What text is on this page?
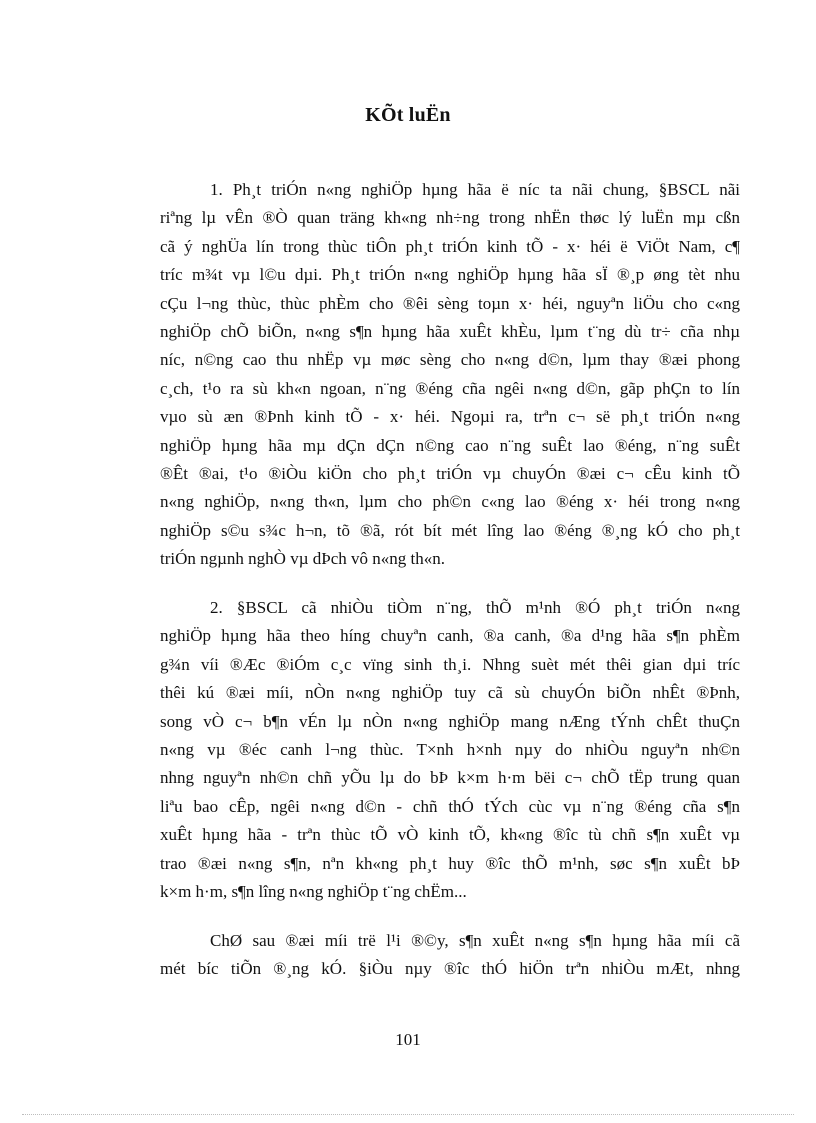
KÕt luËn
1. Ph¸t triÓn n«ng nghiÖp hµng hãa ë níc ta nãi chung, §BSCL nãi
riªng lµ vÊn ®Ò quan träng kh«ng nh÷ng trong nhËn thøc lý luËn mµ cßn
cã ý nghÜa lín trong thùc tiÔn ph¸t triÓn kinh tÕ - x· héi ë ViÖt Nam, c¶
tríc m¾t vµ l©u dµi. Ph¸t triÓn n«ng nghiÖp hµng hãa sÏ ®¸p øng tèt nhu
cÇu l¬ng thùc, thùc phÈm cho ®êi sèng toµn x· héi, nguyªn liÖu cho c«ng
nghiÖp chÕ biÕn, n«ng s¶n hµng hãa xuÊt khÈu, lµm t¨ng dù tr÷ cña nhµ
níc, n©ng cao thu nhËp vµ møc sèng cho n«ng d©n, lµm thay ®æi phong
c¸ch, t¹o ra sù kh«n ngoan, n¨ng ®éng cña ngêi n«ng d©n, gãp phÇn to lín
vµo sù æn ®Þnh kinh tÕ - x· héi. Ngoµi ra, trªn c¬ së ph¸t triÓn n«ng
nghiÖp hµng hãa mµ dÇn dÇn n©ng cao n¨ng suÊt lao ®éng, n¨ng suÊt
®Êt ®ai, t¹o ®iÒu kiÖn cho ph¸t triÓn vµ chuyÓn ®æi c¬ cÊu kinh tÕ
n«ng nghiÖp, n«ng th«n, lµm cho ph©n c«ng lao ®éng x· héi trong n«ng
nghiÖp s©u s¾c h¬n, tõ ®ã, rót bít mét lîng lao ®éng ®¸ng kÓ cho ph¸t
triÓn ngµnh nghÒ vµ dÞch vô n«ng th«n.
2. §BSCL cã nhiÒu tiÒm n¨ng, thÕ m¹nh ®Ó ph¸t triÓn n«ng
nghiÖp hµng hãa theo híng chuyªn canh, ®a canh, ®a d¹ng hãa s¶n phÈm
g¾n víi ®Æc ®iÓm c¸c vïng sinh th¸i. Nhng suèt mét thêi gian dµi tríc
thêi kú ®æi míi, nÒn n«ng nghiÖp tuy cã sù chuyÓn biÕn nhÊt ®Þnh,
song vÒ c¬ b¶n vÉn lµ nÒn n«ng nghiÖp mang nÆng tÝnh chÊt thuÇn
n«ng vµ ®éc canh l¬ng thùc. T×nh h×nh nµy do nhiÒu nguyªn nh©n
nhng nguyªn nh©n chñ yÕu lµ do bÞ k×m h·m bëi c¬ chÕ tËp trung quan
liªu bao cÊp, ngêi n«ng d©n - chñ thÓ tÝch cùc vµ n¨ng ®éng cña s¶n
xuÊt hµng hãa - trªn thùc tÕ vÒ kinh tÕ, kh«ng ®îc tù chñ s¶n xuÊt vµ
trao ®æi n«ng s¶n, nªn kh«ng ph¸t huy ®îc thÕ m¹nh, søc s¶n xuÊt bÞ
k×m h·m, s¶n lîng n«ng nghiÖp t¨ng chËm...
ChØ sau ®æi míi trë l¹i ®©y, s¶n xuÊt n«ng s¶n hµng hãa míi cã
mét bíc tiÕn ®¸ng kÓ. §iÒu nµy ®îc thÓ hiÖn trªn nhiÒu mÆt, nhng
101
